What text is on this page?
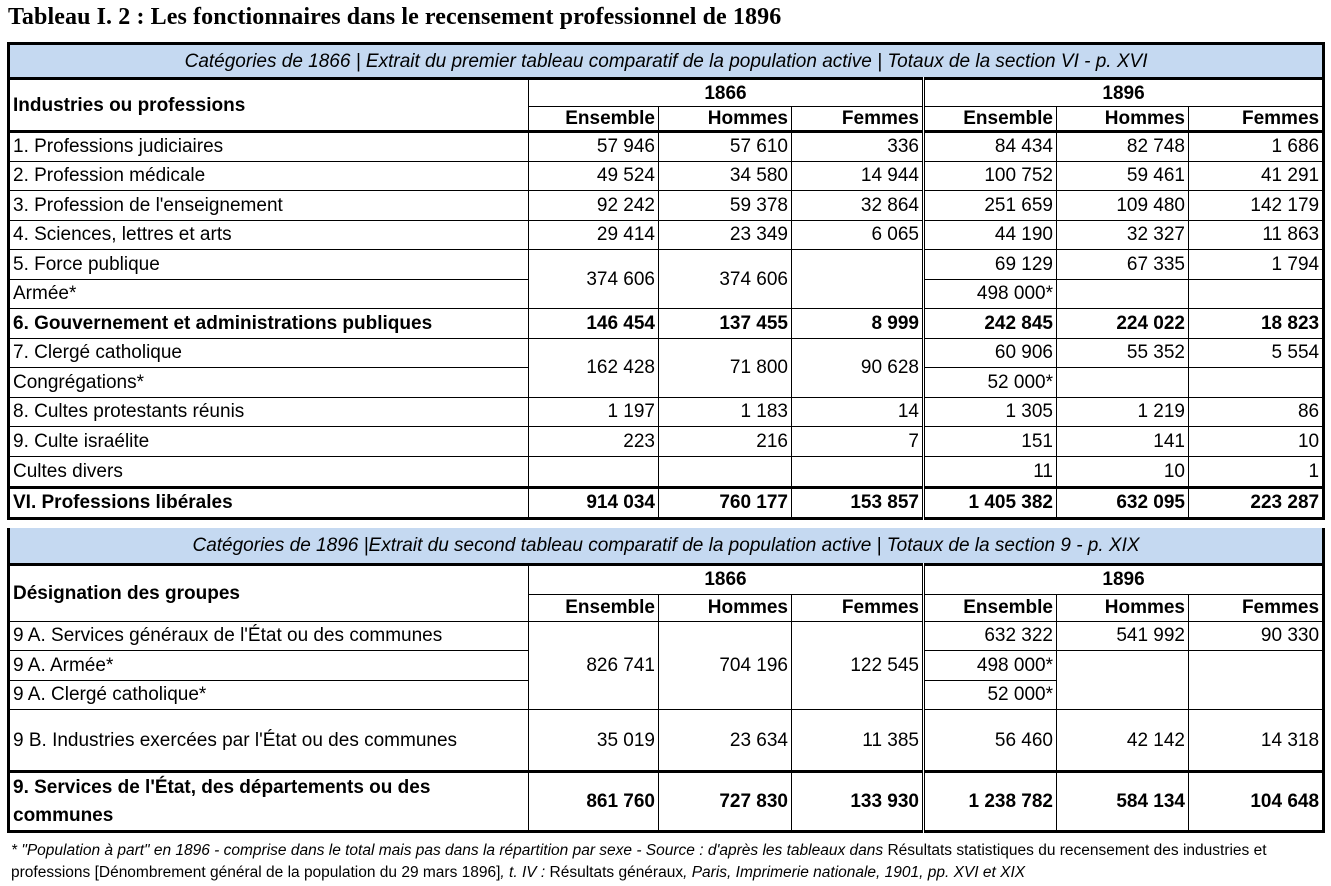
Tableau I. 2 : Les fonctionnaires dans le recensement professionnel de 1896
Catégories de 1866 | Extrait du premier tableau comparatif de la population active | Totaux de la section VI - p. XVI						
Industries ou professions	1866			1896		
	Ensemble	Hommes	Femmes	Ensemble	Hommes	Femmes
1. Professions judiciaires	57 946	57 610	336	84 434	82 748	1 686
2. Profession médicale	49 524	34 580	14 944	100 752	59 461	41 291
3. Profession de l'enseignement	92 242	59 378	32 864	251 659	109 480	142 179
4. Sciences, lettres et arts	29 414	23 349	6 065	44 190	32 327	11 863
5. Force publique	374 606	374 606		69 129	67 335	1 794
Armée*				498 000*		
6. Gouvernement et administrations publiques	146 454	137 455	8 999	242 845	224 022	18 823
7. Clergé catholique	162 428	71 800	90 628	60 906	55 352	5 554
Congrégations*				52 000*		
8. Cultes protestants réunis	1 197	1 183	14	1 305	1 219	86
9. Culte israélite	223	216	7	151	141	10
Cultes divers				11	10	1
VI. Professions libérales	914 034	760 177	153 857	1 405 382	632 095	223 287
Catégories de 1896 |Extrait du second tableau comparatif de la population active | Totaux de la section 9 - p. XIX						
Désignation des groupes	1866			1896		
	Ensemble	Hommes	Femmes	Ensemble	Hommes	Femmes
9 A. Services généraux de l'État ou des communes	826 741	704 196	122 545	632 322	541 992	90 330
9 A. Armée*				498 000*		
9 A. Clergé catholique*				52 000*		
9 B. Industries exercées par l'État ou des communes	35 019	23 634	11 385	56 460	42 142	14 318
9. Services de l'État, des départements ou des communes	861 760	727 830	133 930	1 238 782	584 134	104 648
* "Population à part" en 1896 - comprise dans le total mais pas dans la répartition par sexe - Source : d'après les tableaux dans Résultats statistiques du recensement des industries et professions [Dénombrement général de la population du 29 mars 1896], t. IV : Résultats généraux, Paris, Imprimerie nationale, 1901, pp. XVI et XIX
